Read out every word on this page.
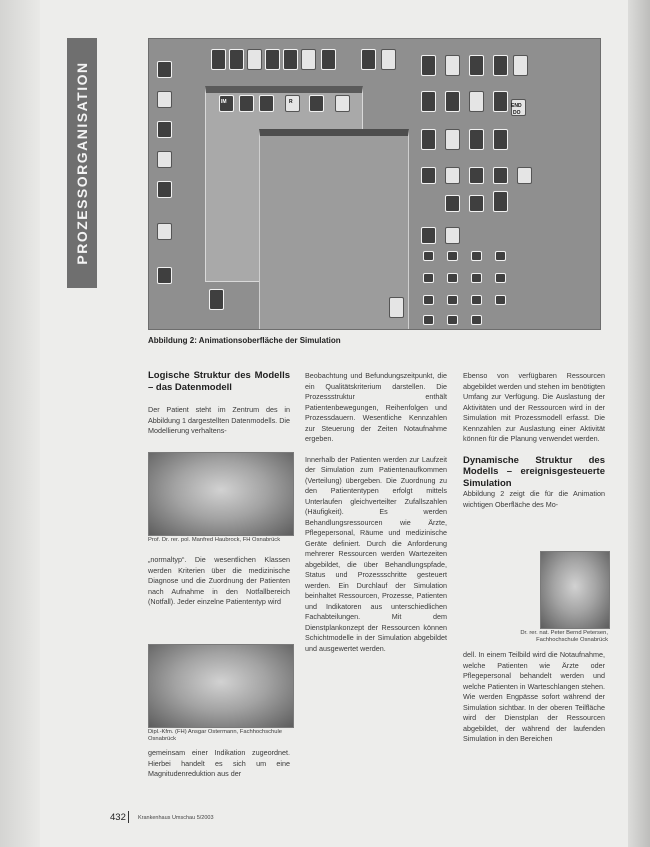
PROZESSORGANISATION	IM	R
END
DO
Abbildung 2: Animationsoberfläche der Simulation
Logische Struktur des Modells – das Datenmodell

Der Patient steht im Zentrum des in Abbildung 1 dargestellten Datenmodells. Die Modellierung verhaltens-

Prof. Dr. rer. pol. Manfred Haubrock, FH Osnabrück

„normaltyp“. Die wesentlichen Klassen werden Kriterien über die medizinische Diagnose und die Zuordnung der Patienten nach Aufnahme in den Notfallbereich (Notfall). Jeder einzelne Patiententyp wird

Dipl.-Kfm. (FH) Ansgar Ostermann, Fachhochschule Osnabrück

gemeinsam einer Indikation zugeordnet. Hierbei handelt es sich um eine Magnitudenreduktion aus der

Beobachtung und Befundungszeitpunkt, die ein Qualitätskriterium darstellen. Die Prozessstruktur enthält Patientenbewegungen, Reihenfolgen und Prozessdauern. Wesentliche Kennzahlen zur Steuerung der Zeiten Notaufnahme ergeben.

Innerhalb der Patienten werden zur Laufzeit der Simulation zum Patientenaufkommen (Verteilung) übergeben. Die Zuordnung zu den Patiententypen erfolgt mittels Unterlaufen gleichverteilter Zufallszahlen (Häufigkeit). Es werden Behandlungsressourcen wie Ärzte, Pflegepersonal, Räume und medizinische Geräte definiert. Durch die Anforderung mehrerer Ressourcen werden Wartezeiten abgebildet, die über Behandlungspfade, Status und Prozessschritte gesteuert werden. Ein Durchlauf der Simulation beinhaltet Ressourcen, Prozesse, Patienten und Indikatoren aus unterschiedlichen Fachabteilungen. Mit dem Dienstplankonzept der Ressourcen können Schichtmodelle in der Simulation abgebildet und ausgewertet werden.

Ebenso von verfügbaren Ressourcen abgebildet werden und stehen im benötigten Umfang zur Verfügung. Die Auslastung der Aktivitäten und der Ressourcen wird in der Simulation mit Prozessmodell erfasst. Die Kennzahlen zur Auslastung einer Aktivität können für die Planung verwendet werden.

Dynamische Struktur des Modells – ereignisgesteuerte Simulation

Abbildung 2 zeigt die für die Animation wichtigen Oberfläche des Mo-

Dr. rer. nat. Peter Bernd Petersen, Fachhochschule Osnabrück

dell. In einem Teilbild wird die Notaufnahme, welche Patienten wie Ärzte oder Pflegepersonal behandelt werden und welche Patienten in Warteschlangen stehen. Wie werden Engpässe sofort während der Simulation sichtbar. In der oberen Teilfläche wird der Dienstplan der Ressourcen abgebildet, der während der laufenden Simulation in den Bereichen

432 Krankenhaus Umschau 5/2003
